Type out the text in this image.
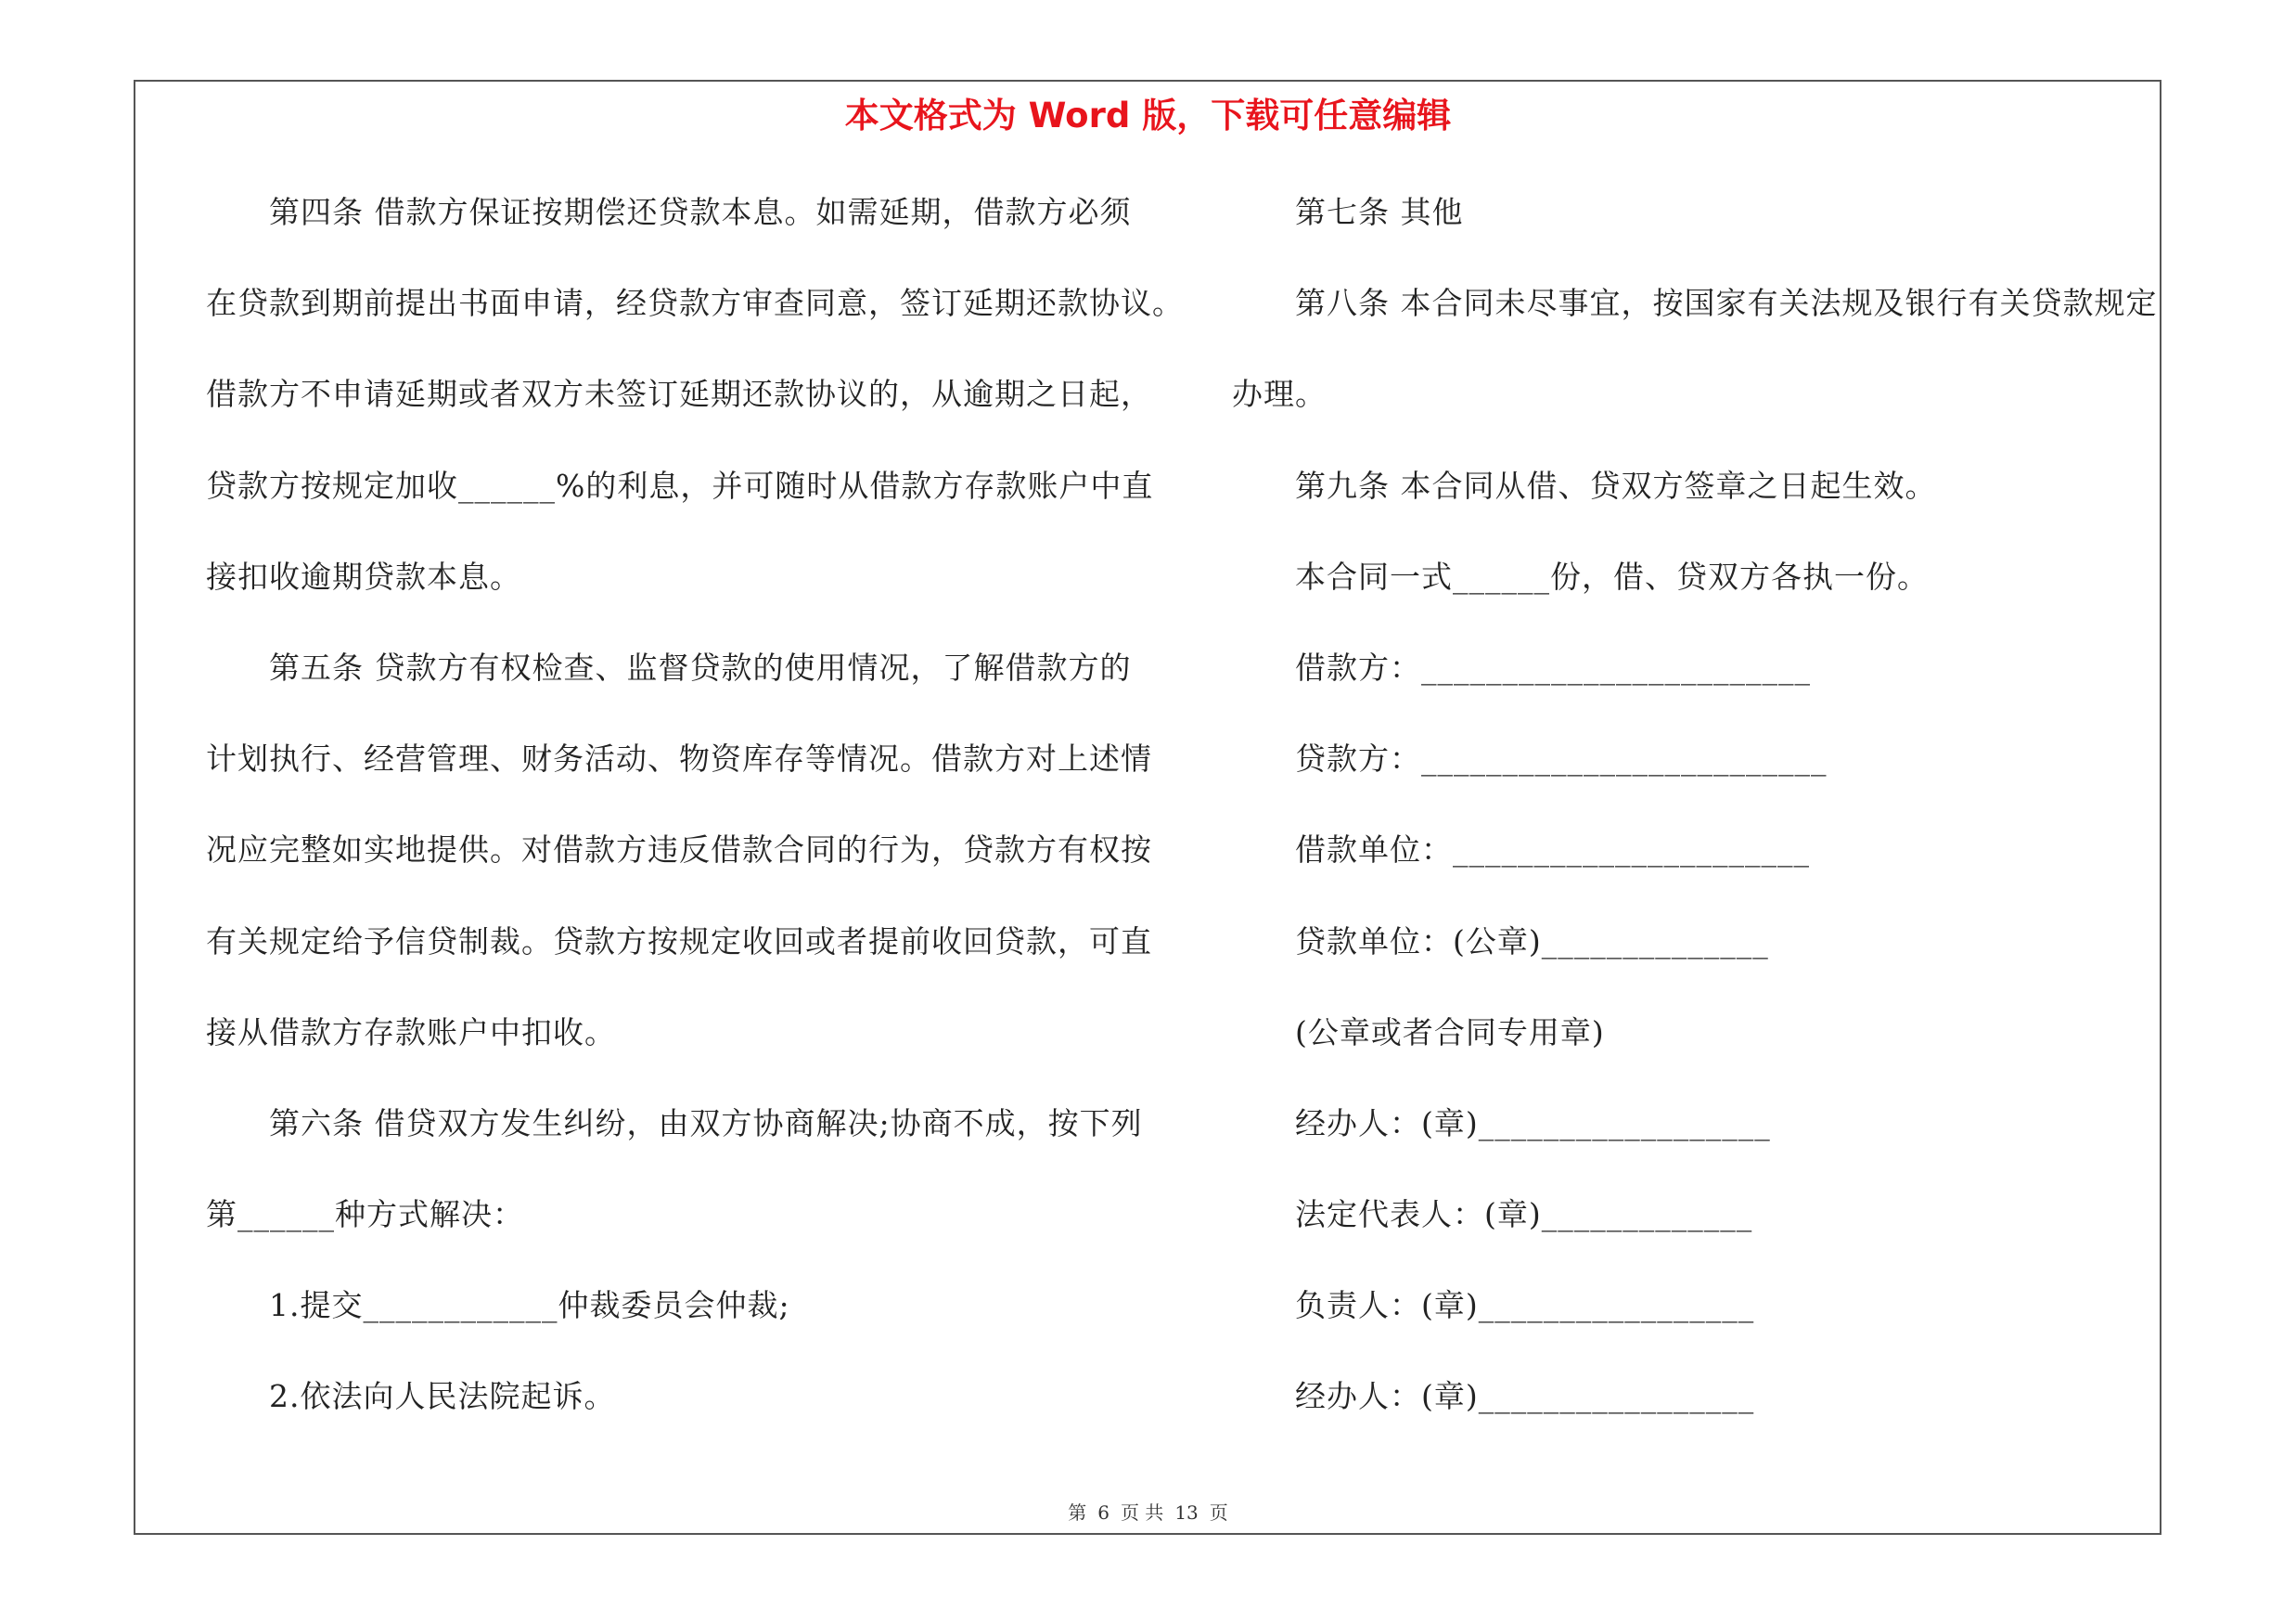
本文格式为 Word 版，下载可任意编辑
第四条 借款方保证按期偿还贷款本息。如需延期，借款方必须
在贷款到期前提出书面申请，经贷款方审查同意，签订延期还款协议。
借款方不申请延期或者双方未签订延期还款协议的，从逾期之日起，
贷款方按规定加收______%的利息，并可随时从借款方存款账户中直
接扣收逾期贷款本息。
第五条 贷款方有权检查、监督贷款的使用情况，了解借款方的
计划执行、经营管理、财务活动、物资库存等情况。借款方对上述情
况应完整如实地提供。对借款方违反借款合同的行为，贷款方有权按
有关规定给予信贷制裁。贷款方按规定收回或者提前收回贷款，可直
接从借款方存款账户中扣收。
第六条 借贷双方发生纠纷，由双方协商解决;协商不成，按下列
第______种方式解决：
1.提交____________仲裁委员会仲裁;
2.依法向人民法院起诉。
第七条 其他
第八条 本合同未尽事宜，按国家有关法规及银行有关贷款规定
办理。
第九条 本合同从借、贷双方签章之日起生效。
本合同一式______份，借、贷双方各执一份。
借款方：________________________
贷款方：_________________________
借款单位：______________________
贷款单位：(公章)______________
(公章或者合同专用章)
经办人：(章)__________________
法定代表人：(章)_____________
负责人：(章)_________________
经办人：(章)_________________
第 6 页 共 13 页
